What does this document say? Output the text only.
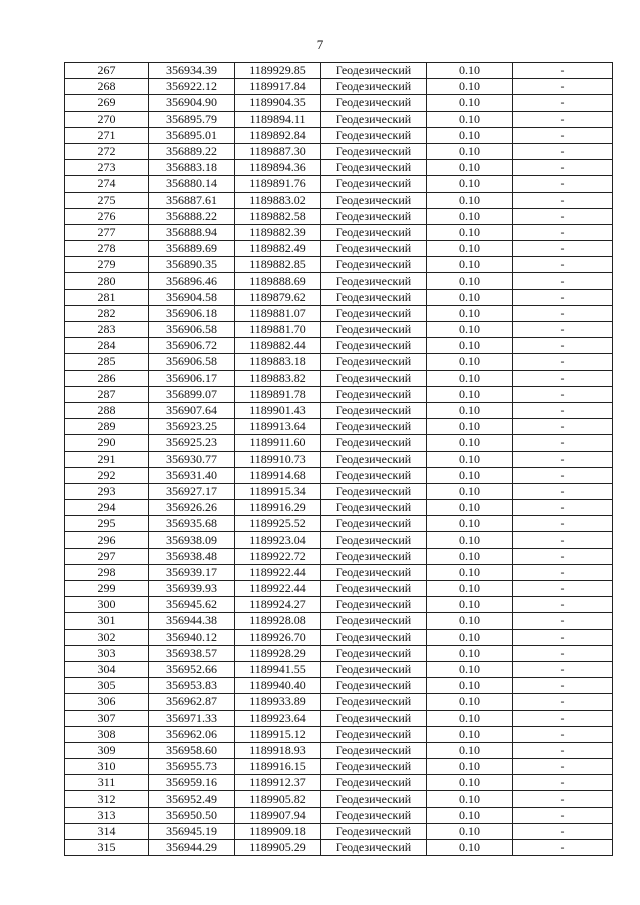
7
267	356934.39	1189929.85	Геодезический	0.10	-
268	356922.12	1189917.84	Геодезический	0.10	-
269	356904.90	1189904.35	Геодезический	0.10	-
270	356895.79	1189894.11	Геодезический	0.10	-
271	356895.01	1189892.84	Геодезический	0.10	-
272	356889.22	1189887.30	Геодезический	0.10	-
273	356883.18	1189894.36	Геодезический	0.10	-
274	356880.14	1189891.76	Геодезический	0.10	-
275	356887.61	1189883.02	Геодезический	0.10	-
276	356888.22	1189882.58	Геодезический	0.10	-
277	356888.94	1189882.39	Геодезический	0.10	-
278	356889.69	1189882.49	Геодезический	0.10	-
279	356890.35	1189882.85	Геодезический	0.10	-
280	356896.46	1189888.69	Геодезический	0.10	-
281	356904.58	1189879.62	Геодезический	0.10	-
282	356906.18	1189881.07	Геодезический	0.10	-
283	356906.58	1189881.70	Геодезический	0.10	-
284	356906.72	1189882.44	Геодезический	0.10	-
285	356906.58	1189883.18	Геодезический	0.10	-
286	356906.17	1189883.82	Геодезический	0.10	-
287	356899.07	1189891.78	Геодезический	0.10	-
288	356907.64	1189901.43	Геодезический	0.10	-
289	356923.25	1189913.64	Геодезический	0.10	-
290	356925.23	1189911.60	Геодезический	0.10	-
291	356930.77	1189910.73	Геодезический	0.10	-
292	356931.40	1189914.68	Геодезический	0.10	-
293	356927.17	1189915.34	Геодезический	0.10	-
294	356926.26	1189916.29	Геодезический	0.10	-
295	356935.68	1189925.52	Геодезический	0.10	-
296	356938.09	1189923.04	Геодезический	0.10	-
297	356938.48	1189922.72	Геодезический	0.10	-
298	356939.17	1189922.44	Геодезический	0.10	-
299	356939.93	1189922.44	Геодезический	0.10	-
300	356945.62	1189924.27	Геодезический	0.10	-
301	356944.38	1189928.08	Геодезический	0.10	-
302	356940.12	1189926.70	Геодезический	0.10	-
303	356938.57	1189928.29	Геодезический	0.10	-
304	356952.66	1189941.55	Геодезический	0.10	-
305	356953.83	1189940.40	Геодезический	0.10	-
306	356962.87	1189933.89	Геодезический	0.10	-
307	356971.33	1189923.64	Геодезический	0.10	-
308	356962.06	1189915.12	Геодезический	0.10	-
309	356958.60	1189918.93	Геодезический	0.10	-
310	356955.73	1189916.15	Геодезический	0.10	-
311	356959.16	1189912.37	Геодезический	0.10	-
312	356952.49	1189905.82	Геодезический	0.10	-
313	356950.50	1189907.94	Геодезический	0.10	-
314	356945.19	1189909.18	Геодезический	0.10	-
315	356944.29	1189905.29	Геодезический	0.10	-
